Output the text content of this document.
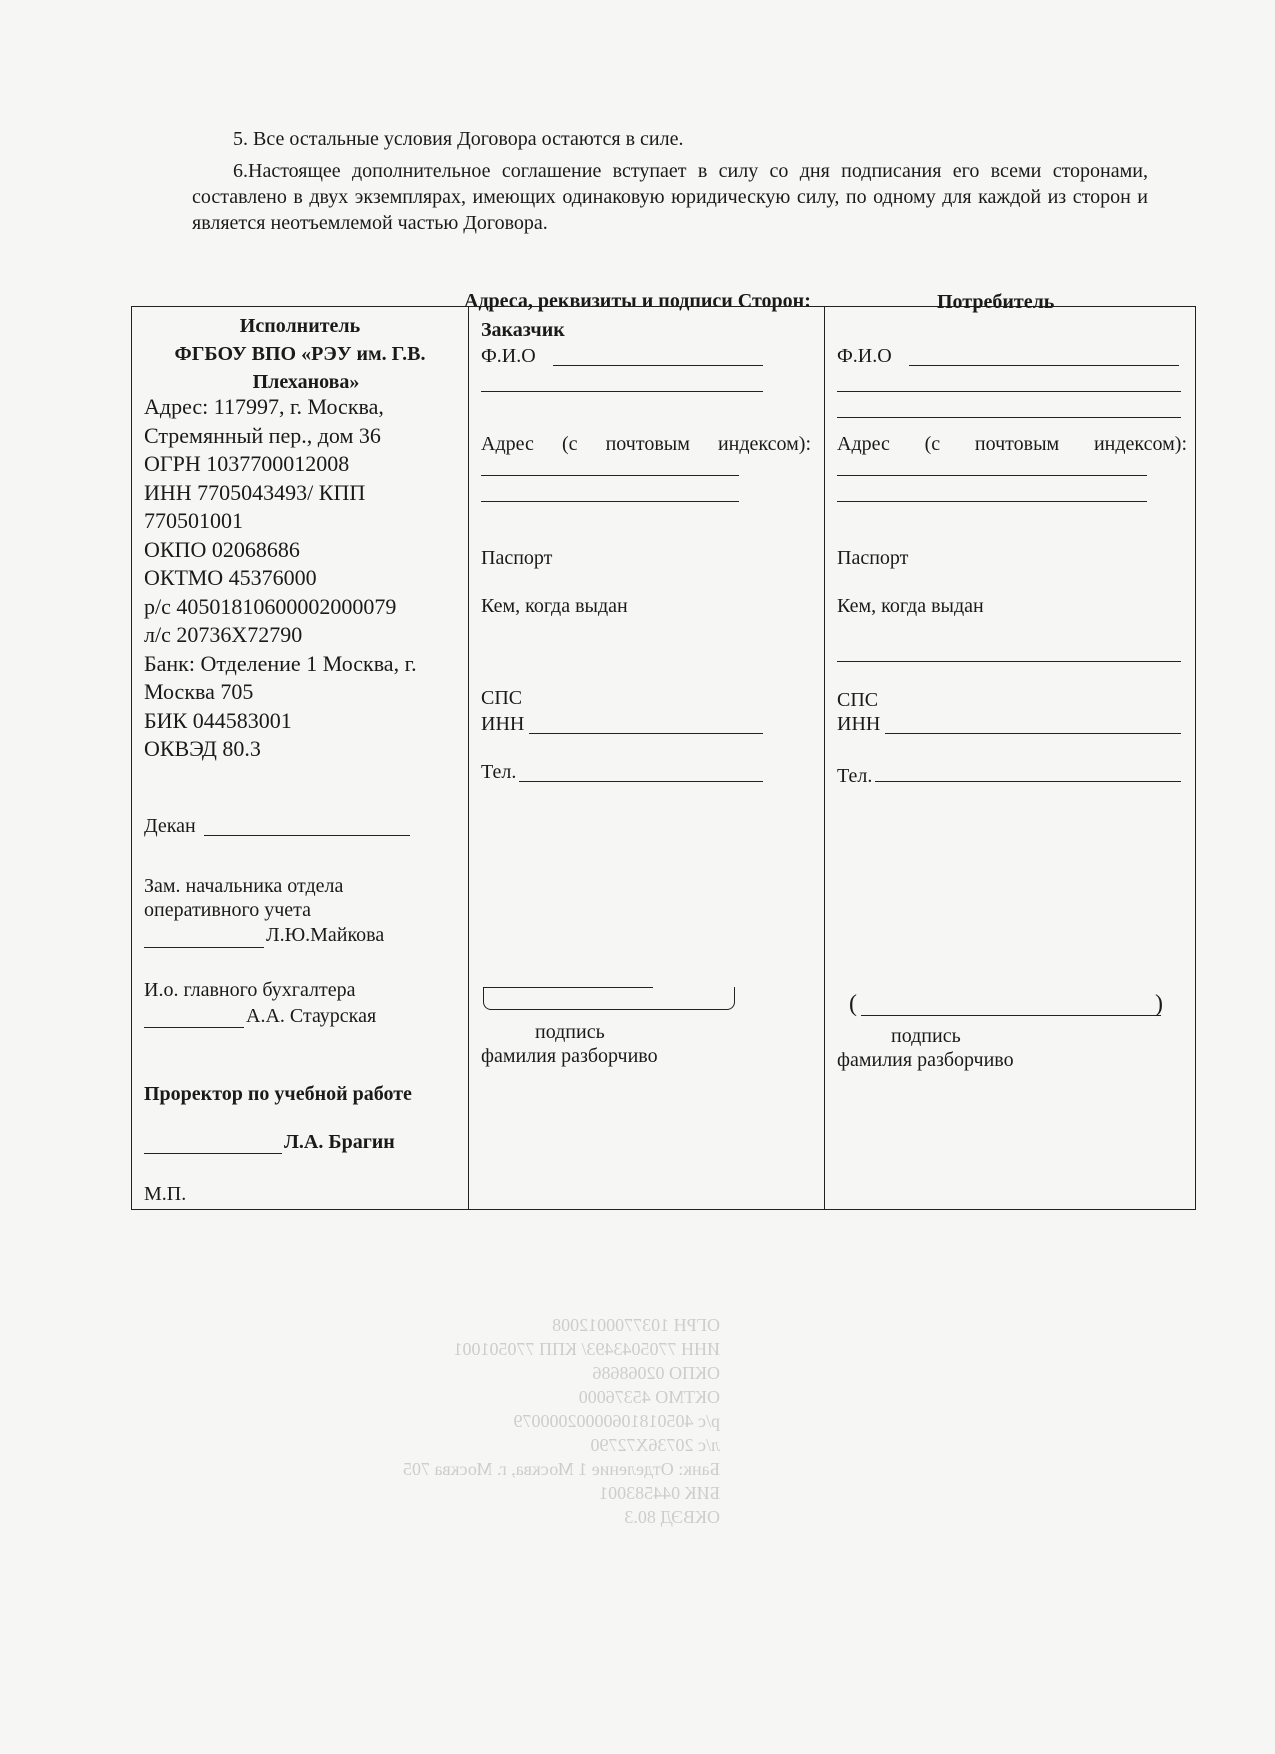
ОГРН 1037700012008
ИНН 7705043493/ КПП 770501001
ОКПО 02068686
ОКТМО 45376000
р/с 40501810600002000079
л/с 20736Х72790
Банк: Отделение 1 Москва, г. Москва 705
БИК 044583001
ОКВЭД 80.3

5. Все остальные условия Договора остаются в силе.

6.Настоящее дополнительное соглашение вступает в силу со дня подписания его всеми сторонами, составлено в двух экземплярах, имеющих одинаковую юридическую силу, по одному для каждой из сторон и является неотъемлемой частью Договора.

Адреса, реквизиты и подписи Сторон:
Исполнитель
ФГБОУ ВПО «РЭУ им. Г.В.
Плеханова»
Адрес: 117997, г. Москва,
Стремянный пер., дом 36
ОГРН 1037700012008
ИНН 7705043493/ КПП
770501001
ОКПО 02068686
ОКТМО 45376000
р/с 40501810600002000079
л/с 20736Х72790
Банк: Отделение 1 Москва, г.
Москва 705
БИК 044583001
ОКВЭД 80.3
Декан
Зам. начальника отдела
оперативного учета
Л.Ю.Майкова
И.о. главного бухгалтера
А.А. Стаурская
Проректор по учебной работе
Л.А. Брагин
М.П.
Заказчик
Ф.И.О
Адрес (с почтовым индексом):
Паспорт
Кем, когда выдан
СПС
ИНН
Тел.
подпись
фамилия разборчиво
Потребитель
Ф.И.О
Адрес (с почтовым индексом):
Паспорт
Кем, когда выдан
СПС
ИНН
Тел.
(	)
подпись
фамилия разборчиво
